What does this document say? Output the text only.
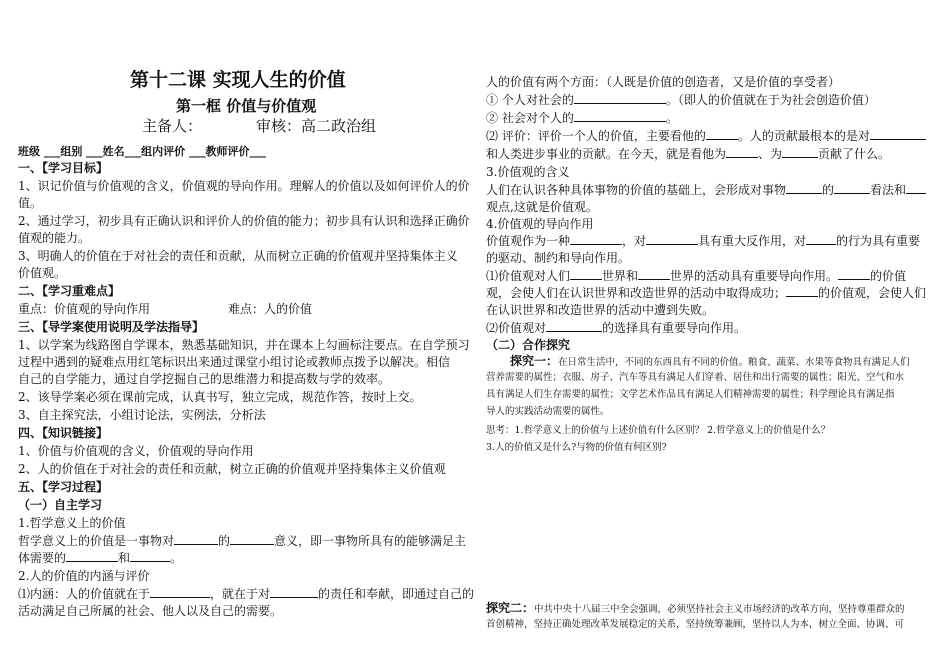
第十二课 实现人生的价值
第一框 价值与价值观
主备人：	审核：高二政治组
班级 ___组别 ___姓名___组内评价 ___教师评价___
一、【学习目标】
1、识记价值与价值观的含义，价值观的导向作用。理解人的价值以及如何评价人的价
值。
2、通过学习，初步具有正确认识和评价人的价值的能力；初步具有认识和选择正确价
值观的能力。
3、明确人的价值在于对社会的责任和贡献，从而树立正确的价值观并坚持集体主义
价值观。
二、【学习重难点】
重点：价值观的导向作用	难点：人的价值
三、【导学案使用说明及学法指导】
1、以学案为线路图自学课本，熟悉基础知识，并在课本上勾画标注要点。在自学预习
过程中遇到的疑难点用红笔标识出来通过课堂小组讨论或教师点拨予以解决。相信
自己的自学能力，通过自学挖掘自己的思维潜力和提高数与学的效率。
2、该导学案必须在课前完成，认真书写，独立完成，规范作答，按时上交。
3、自主探究法，小组讨论法，实例法，分析法
四、【知识链接】
1、价值与价值观的含义，价值观的导向作用
2、人的价值在于对社会的责任和贡献，树立正确的价值观并坚持集体主义价值观
五、【学习过程】
（一）自主学习
1.哲学意义上的价值
哲学意义上的价值是一事物对	的	意义，即一事物所具有的能够满足主
体需要的	和	。
2.人的价值的内涵与评价
⑴内涵：人的价值就在于	，就在于对	的责任和奉献，即通过自己的
活动满足自己所属的社会、他人以及自己的需要。
人的价值有两个方面：（人既是价值的创造者，又是价值的享受者）
① 个人对社会的	。（即人的价值就在于为社会创造价值）
② 社会对个人的	。
⑵ 评价：评价一个人的价值，主要看他的	。人的贡献最根本的是对
和人类进步事业的贡献。在今天，就是看他为	、为	贡献了什么。
3.价值观的含义
人们在认识各种具体事物的价值的基础上，会形成对事物	的	看法和
观点,这就是价值观。
4.价值观的导向作用
价值观作为一种	，对	具有重大反作用，对	的行为具有重要
的驱动、制约和导向作用。
⑴价值观对人们	世界和	世界的活动具有重要导向作用。	的价值
观，会使人们在认识世界和改造世界的活动中取得成功；	的价值观，会使人们
在认识世界和改造世界的活动中遭到失败。
⑵价值观对	的选择具有重要导向作用。
（二）合作探究
探究一：在日常生活中，不同的东西具有不同的价值。粮食、蔬菜、水果等食物具有满足人们
营养需要的属性；衣服、房子、汽车等具有满足人们穿着、居住和出行需要的属性；阳光、空气和水
具有满足人们生存需要的属性；文学艺术作品具有满足人们精神需要的属性；科学理论具有满足指
导人的实践活动需要的属性。
思考：1.哲学意义上的价值与上述价值有什么区别？ 2.哲学意义上的价值是什么？
3.人的价值又是什么?与物的价值有何区别?
探究二：中共中央十八届三中全会强调，必须坚持社会主义市场经济的改革方向，坚持尊重群众的
首创精神，坚持正确处理改革发展稳定的关系，坚持统筹兼顾，坚持以人为本，树立全面、协调、可
